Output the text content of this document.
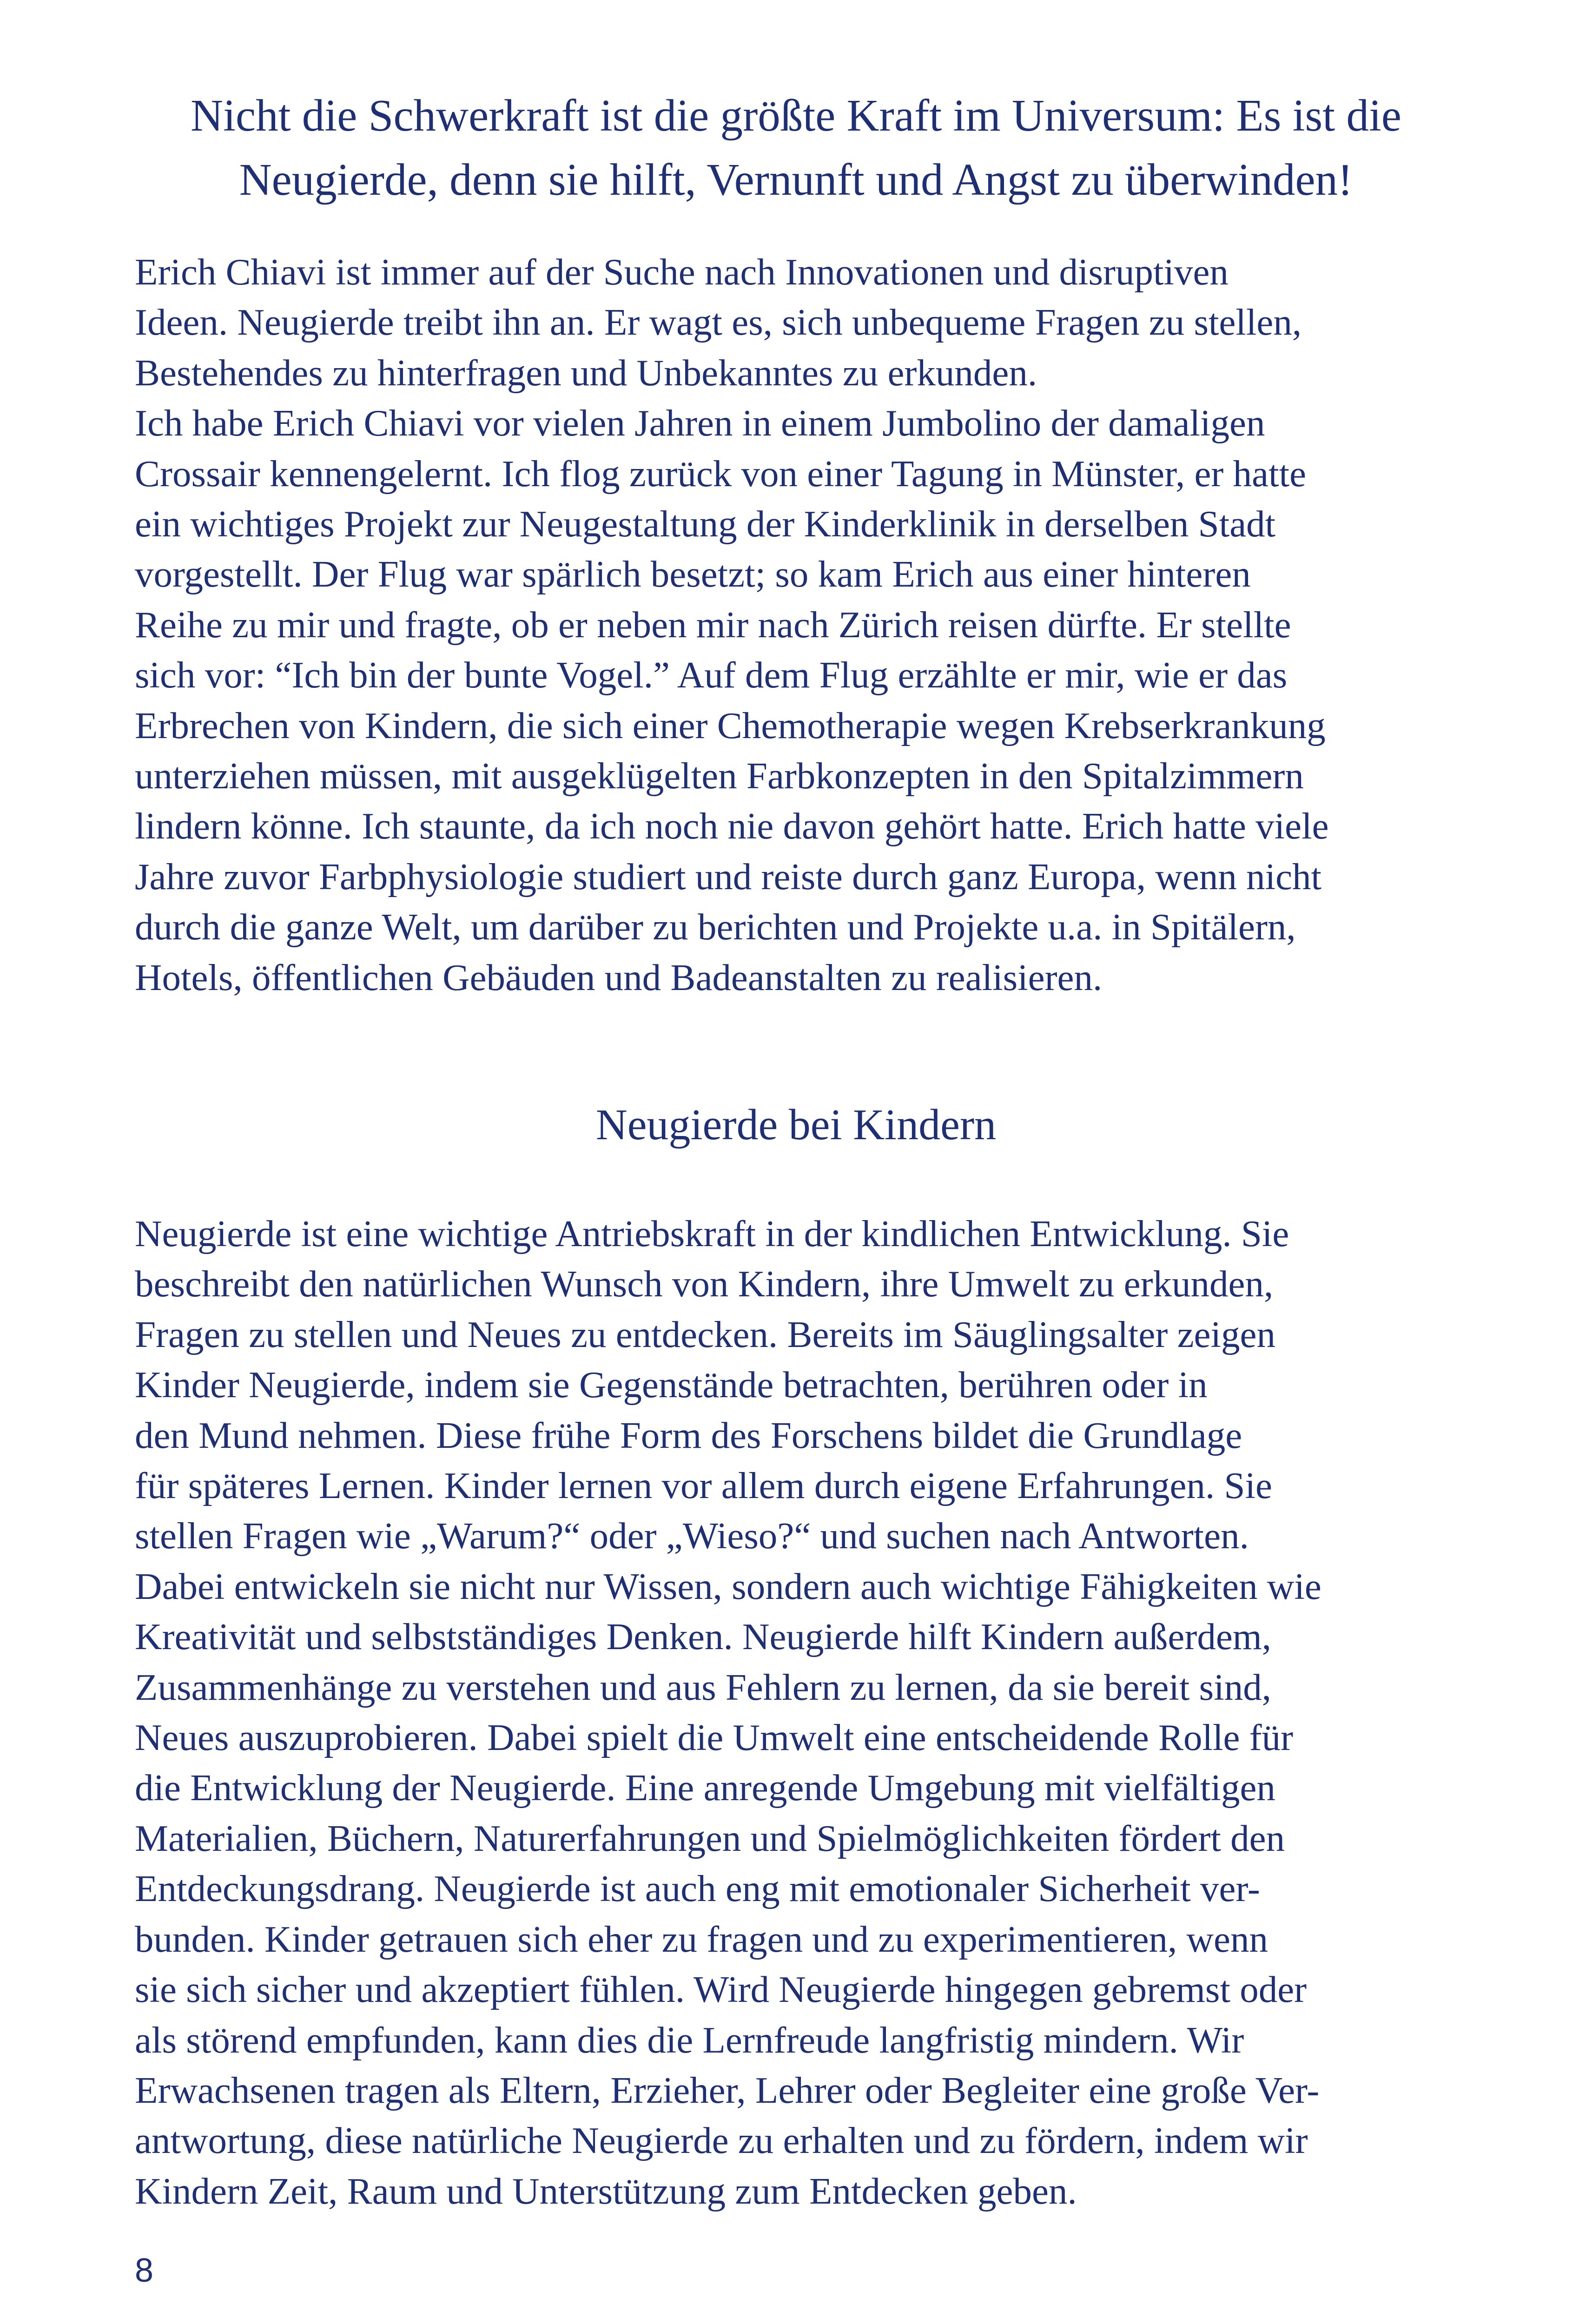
Nicht die Schwerkraft ist die größte Kraft im Universum: Es ist die
Neugierde, denn sie hilft, Vernunft und Angst zu überwinden!
Erich Chiavi ist immer auf der Suche nach Innovationen und disruptiven
Ideen. Neugierde treibt ihn an. Er wagt es, sich unbequeme Fragen zu stellen,
Bestehendes zu hinterfragen und Unbekanntes zu erkunden.
Ich habe Erich Chiavi vor vielen Jahren in einem Jumbolino der damaligen
Crossair kennengelernt. Ich flog zurück von einer Tagung in Münster, er hatte
ein wichtiges Projekt zur Neugestaltung der Kinderklinik in derselben Stadt
vorgestellt. Der Flug war spärlich besetzt; so kam Erich aus einer hinteren
Reihe zu mir und fragte, ob er neben mir nach Zürich reisen dürfte. Er stellte
sich vor: “Ich bin der bunte Vogel.” Auf dem Flug erzählte er mir, wie er das
Erbrechen von Kindern, die sich einer Chemotherapie wegen Krebserkrankung
unterziehen müssen, mit ausgeklügelten Farbkonzepten in den Spitalzimmern
lindern könne. Ich staunte, da ich noch nie davon gehört hatte. Erich hatte viele
Jahre zuvor Farbphysiologie studiert und reiste durch ganz Europa, wenn nicht
durch die ganze Welt, um darüber zu berichten und Projekte u.a. in Spitälern,
Hotels, öffentlichen Gebäuden und Badeanstalten zu realisieren.
Neugierde bei Kindern
Neugierde ist eine wichtige Antriebskraft in der kindlichen Entwicklung. Sie
beschreibt den natürlichen Wunsch von Kindern, ihre Umwelt zu erkunden,
Fragen zu stellen und Neues zu entdecken. Bereits im Säuglingsalter zeigen
Kinder Neugierde, indem sie Gegenstände betrachten, berühren oder in
den Mund nehmen. Diese frühe Form des Forschens bildet die Grundlage
für späteres Lernen. Kinder lernen vor allem durch eigene Erfahrungen. Sie
stellen Fragen wie „Warum?“ oder „Wieso?“ und suchen nach Antworten.
Dabei entwickeln sie nicht nur Wissen, sondern auch wichtige Fähigkeiten wie
Kreativität und selbstständiges Denken. Neugierde hilft Kindern außerdem,
Zusammenhänge zu verstehen und aus Fehlern zu lernen, da sie bereit sind,
Neues auszuprobieren. Dabei spielt die Umwelt eine entscheidende Rolle für
die Entwicklung der Neugierde. Eine anregende Umgebung mit vielfältigen
Materialien, Büchern, Naturerfahrungen und Spielmöglichkeiten fördert den
Entdeckungsdrang. Neugierde ist auch eng mit emotionaler Sicherheit ver-
bunden. Kinder getrauen sich eher zu fragen und zu experimentieren, wenn
sie sich sicher und akzeptiert fühlen. Wird Neugierde hingegen gebremst oder
als störend empfunden, kann dies die Lernfreude langfristig mindern. Wir
Erwachsenen tragen als Eltern, Erzieher, Lehrer oder Begleiter eine große Ver-
antwortung, diese natürliche Neugierde zu erhalten und zu fördern, indem wir
Kindern Zeit, Raum und Unterstützung zum Entdecken geben.
8
